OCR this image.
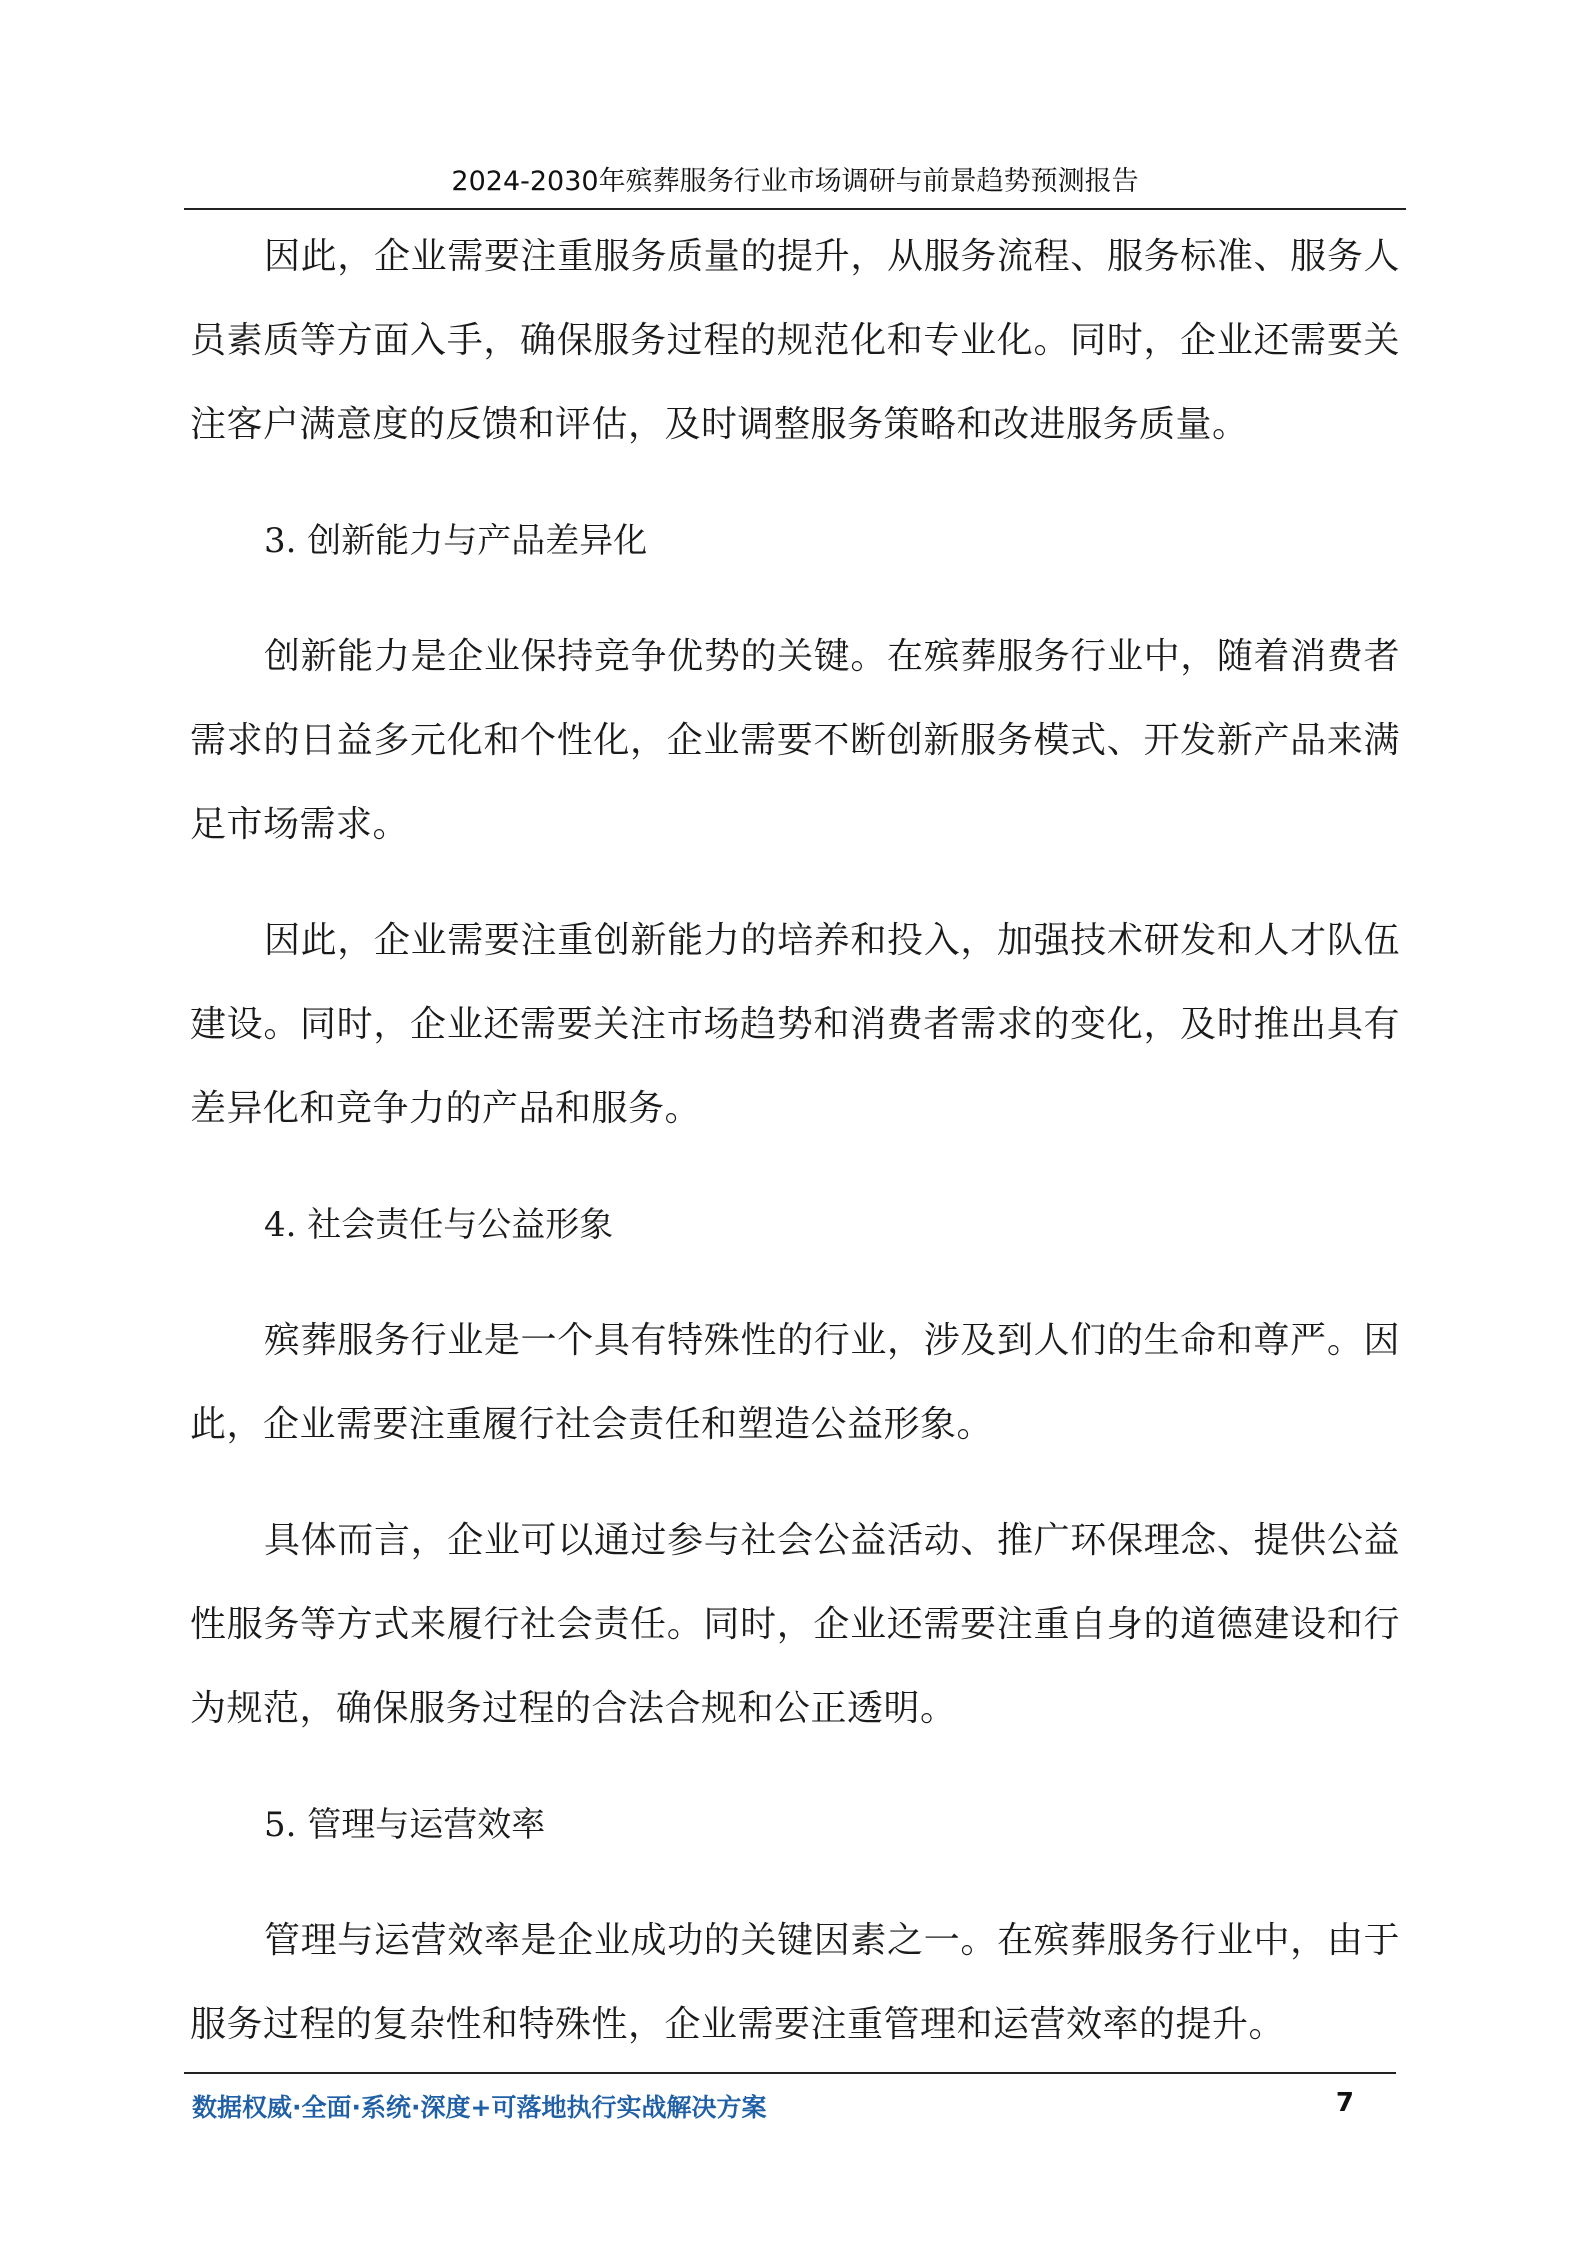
2024-2030年殡葬服务行业市场调研与前景趋势预测报告

因此，企业需要注重服务质量的提升，从服务流程、服务标准、服务人员素质等方面入手，确保服务过程的规范化和专业化。同时，企业还需要关注客户满意度的反馈和评估，及时调整服务策略和改进服务质量。

3. 创新能力与产品差异化

创新能力是企业保持竞争优势的关键。在殡葬服务行业中，随着消费者需求的日益多元化和个性化，企业需要不断创新服务模式、开发新产品来满足市场需求。

因此，企业需要注重创新能力的培养和投入，加强技术研发和人才队伍建设。同时，企业还需要关注市场趋势和消费者需求的变化，及时推出具有差异化和竞争力的产品和服务。

4. 社会责任与公益形象

殡葬服务行业是一个具有特殊性的行业，涉及到人们的生命和尊严。因此，企业需要注重履行社会责任和塑造公益形象。

具体而言，企业可以通过参与社会公益活动、推广环保理念、提供公益性服务等方式来履行社会责任。同时，企业还需要注重自身的道德建设和行为规范，确保服务过程的合法合规和公正透明。

5. 管理与运营效率

管理与运营效率是企业成功的关键因素之一。在殡葬服务行业中，由于服务过程的复杂性和特殊性，企业需要注重管理和运营效率的提升。

数据权威·全面·系统·深度+可落地执行实战解决方案	7
